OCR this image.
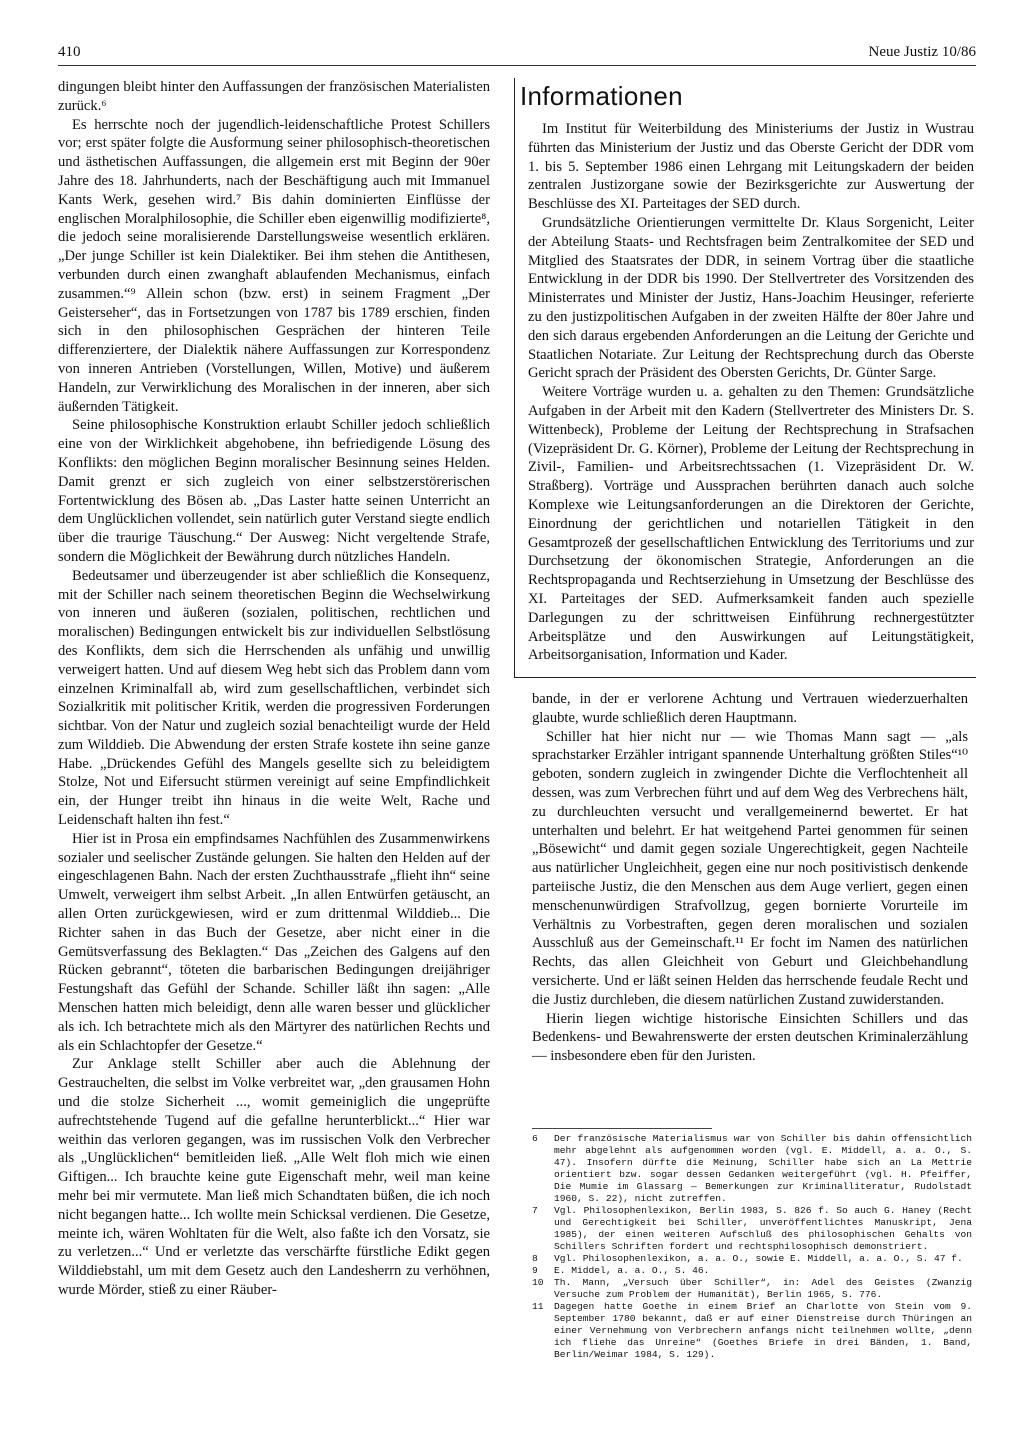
410	Neue Justiz 10/86

dingungen bleibt hinter den Auffassungen der französischen Materialisten zurück.⁶

Es herrschte noch der jugendlich-leidenschaftliche Protest Schillers vor; erst später folgte die Ausformung seiner philosophisch-theoretischen und ästhetischen Auffassungen, die allgemein erst mit Beginn der 90er Jahre des 18. Jahrhunderts, nach der Beschäftigung auch mit Immanuel Kants Werk, gesehen wird.⁷ Bis dahin dominierten Einflüsse der englischen Moralphilosophie, die Schiller eben eigenwillig modifizierte⁸, die jedoch seine moralisierende Darstellungsweise wesentlich erklären. „Der junge Schiller ist kein Dialektiker. Bei ihm stehen die Antithesen, verbunden durch einen zwanghaft ablaufenden Mechanismus, einfach zusammen.“⁹ Allein schon (bzw. erst) in seinem Fragment „Der Geisterseher“, das in Fortsetzungen von 1787 bis 1789 erschien, finden sich in den philosophischen Gesprächen der hinteren Teile differenziertere, der Dialektik nähere Auffassungen zur Korrespondenz von inneren Antrieben (Vorstellungen, Willen, Motive) und äußerem Handeln, zur Verwirklichung des Moralischen in der inneren, aber sich äußernden Tätigkeit.

Seine philosophische Konstruktion erlaubt Schiller jedoch schließlich eine von der Wirklichkeit abgehobene, ihn befriedigende Lösung des Konflikts: den möglichen Beginn moralischer Besinnung seines Helden. Damit grenzt er sich zugleich von einer selbstzerstörerischen Fortentwicklung des Bösen ab. „Das Laster hatte seinen Unterricht an dem Unglücklichen vollendet, sein natürlich guter Verstand siegte endlich über die traurige Täuschung.“ Der Ausweg: Nicht vergeltende Strafe, sondern die Möglichkeit der Bewährung durch nützliches Handeln.

Bedeutsamer und überzeugender ist aber schließlich die Konsequenz, mit der Schiller nach seinem theoretischen Beginn die Wechselwirkung von inneren und äußeren (sozialen, politischen, rechtlichen und moralischen) Bedingungen entwickelt bis zur individuellen Selbstlösung des Konflikts, dem sich die Herrschenden als unfähig und unwillig verweigert hatten. Und auf diesem Weg hebt sich das Problem dann vom einzelnen Kriminalfall ab, wird zum gesellschaftlichen, verbindet sich Sozialkritik mit politischer Kritik, werden die progressiven Forderungen sichtbar. Von der Natur und zugleich sozial benachteiligt wurde der Held zum Wilddieb. Die Abwendung der ersten Strafe kostete ihn seine ganze Habe. „Drückendes Gefühl des Mangels gesellte sich zu beleidigtem Stolze, Not und Eifersucht stürmen vereinigt auf seine Empfindlichkeit ein, der Hunger treibt ihn hinaus in die weite Welt, Rache und Leidenschaft halten ihn fest.“

Hier ist in Prosa ein empfindsames Nachfühlen des Zusammenwirkens sozialer und seelischer Zustände gelungen. Sie halten den Helden auf der eingeschlagenen Bahn. Nach der ersten Zuchthausstrafe „flieht ihn“ seine Umwelt, verweigert ihm selbst Arbeit. „In allen Entwürfen getäuscht, an allen Orten zurückgewiesen, wird er zum drittenmal Wilddieb... Die Richter sahen in das Buch der Gesetze, aber nicht einer in die Gemütsverfassung des Beklagten.“ Das „Zeichen des Galgens auf den Rücken gebrannt“, töteten die barbarischen Bedingungen dreijähriger Festungshaft das Gefühl der Schande. Schiller läßt ihn sagen: „Alle Menschen hatten mich beleidigt, denn alle waren besser und glücklicher als ich. Ich betrachtete mich als den Märtyrer des natürlichen Rechts und als ein Schlachtopfer der Gesetze.“

Zur Anklage stellt Schiller aber auch die Ablehnung der Gestrauchelten, die selbst im Volke verbreitet war, „den grausamen Hohn und die stolze Sicherheit ..., womit gemeiniglich die ungeprüfte aufrechtstehende Tugend auf die gefallne herunterblickt...“ Hier war weithin das verloren gegangen, was im russischen Volk den Verbrecher als „Unglücklichen“ bemitleiden ließ. „Alle Welt floh mich wie einen Giftigen... Ich brauchte keine gute Eigenschaft mehr, weil man keine mehr bei mir vermutete. Man ließ mich Schandtaten büßen, die ich noch nicht begangen hatte... Ich wollte mein Schicksal verdienen. Die Gesetze, meinte ich, wären Wohltaten für die Welt, also faßte ich den Vorsatz, sie zu verletzen...“ Und er verletzte das verschärfte fürstliche Edikt gegen Wilddiebstahl, um mit dem Gesetz auch den Landesherrn zu verhöhnen, wurde Mörder, stieß zu einer Räuber-

Informationen

Im Institut für Weiterbildung des Ministeriums der Justiz in Wustrau führten das Ministerium der Justiz und das Oberste Gericht der DDR vom 1. bis 5. September 1986 einen Lehrgang mit Leitungskadern der beiden zentralen Justizorgane sowie der Bezirksgerichte zur Auswertung der Beschlüsse des XI. Parteitages der SED durch.

Grundsätzliche Orientierungen vermittelte Dr. Klaus Sorgenicht, Leiter der Abteilung Staats- und Rechtsfragen beim Zentralkomitee der SED und Mitglied des Staatsrates der DDR, in seinem Vortrag über die staatliche Entwicklung in der DDR bis 1990. Der Stellvertreter des Vorsitzenden des Ministerrates und Minister der Justiz, Hans-Joachim Heusinger, referierte zu den justizpolitischen Aufgaben in der zweiten Hälfte der 80er Jahre und den sich daraus ergebenden Anforderungen an die Leitung der Gerichte und Staatlichen Notariate. Zur Leitung der Rechtsprechung durch das Oberste Gericht sprach der Präsident des Obersten Gerichts, Dr. Günter Sarge.

Weitere Vorträge wurden u. a. gehalten zu den Themen: Grundsätzliche Aufgaben in der Arbeit mit den Kadern (Stellvertreter des Ministers Dr. S. Wittenbeck), Probleme der Leitung der Rechtsprechung in Strafsachen (Vizepräsident Dr. G. Körner), Probleme der Leitung der Rechtsprechung in Zivil-, Familien- und Arbeitsrechtssachen (1. Vizepräsident Dr. W. Straßberg). Vorträge und Aussprachen berührten danach auch solche Komplexe wie Leitungsanforderungen an die Direktoren der Gerichte, Einordnung der gerichtlichen und notariellen Tätigkeit in den Gesamtprozeß der gesellschaftlichen Entwicklung des Territoriums und zur Durchsetzung der ökonomischen Strategie, Anforderungen an die Rechtspropaganda und Rechtserziehung in Umsetzung der Beschlüsse des XI. Parteitages der SED. Aufmerksamkeit fanden auch spezielle Darlegungen zu der schrittweisen Einführung rechnergestützter Arbeitsplätze und den Auswirkungen auf Leitungstätigkeit, Arbeitsorganisation, Information und Kader.

bande, in der er verlorene Achtung und Vertrauen wiederzuerhalten glaubte, wurde schließlich deren Hauptmann.

Schiller hat hier nicht nur — wie Thomas Mann sagt — „als sprachstarker Erzähler intrigant spannende Unterhaltung größten Stiles“¹⁰ geboten, sondern zugleich in zwingender Dichte die Verflochtenheit all dessen, was zum Verbrechen führt und auf dem Weg des Verbrechens hält, zu durchleuchten versucht und verallgemeinernd bewertet. Er hat unterhalten und belehrt. Er hat weitgehend Partei genommen für seinen „Bösewicht“ und damit gegen soziale Ungerechtigkeit, gegen Nachteile aus natürlicher Ungleichheit, gegen eine nur noch positivistisch denkende parteiische Justiz, die den Menschen aus dem Auge verliert, gegen einen menschenunwürdigen Strafvollzug, gegen bornierte Vorurteile im Verhältnis zu Vorbestraften, gegen deren moralischen und sozialen Ausschluß aus der Gemeinschaft.¹¹ Er focht im Namen des natürlichen Rechts, das allen Gleichheit von Geburt und Gleichbehandlung versicherte. Und er läßt seinen Helden das herrschende feudale Recht und die Justiz durchleben, die diesem natürlichen Zustand zuwiderstanden.

Hierin liegen wichtige historische Einsichten Schillers und das Bedenkens- und Bewahrenswerte der ersten deutschen Kriminalerzählung — insbesondere eben für den Juristen.

6	Der französische Materialismus war von Schiller bis dahin offensichtlich mehr abgelehnt als aufgenommen worden (vgl. E. Middell, a. a. O., S. 47). Insofern dürfte die Meinung, Schiller habe sich an La Mettrie orientiert bzw. sogar dessen Gedanken weitergeführt (vgl. H. Pfeiffer, Die Mumie im Glassarg — Bemerkungen zur Kriminalliteratur, Rudolstadt 1960, S. 22), nicht zutreffen.
7	Vgl. Philosophenlexikon, Berlin 1983, S. 826 f. So auch G. Haney (Recht und Gerechtigkeit bei Schiller, unveröffentlichtes Manuskript, Jena 1985), der einen weiteren Aufschluß des philosophischen Gehalts von Schillers Schriften fordert und rechtsphilosophisch demonstriert.
8	Vgl. Philosophenlexikon, a. a. O., sowie E. Middell, a. a. O., S. 47 f.
9	E. Middel, a. a. O., S. 46.
10	Th. Mann, „Versuch über Schiller“, in: Adel des Geistes (Zwanzig Versuche zum Problem der Humanität), Berlin 1965, S. 776.
11	Dagegen hatte Goethe in einem Brief an Charlotte von Stein vom 9. September 1780 bekannt, daß er auf einer Dienstreise durch Thüringen an einer Vernehmung von Verbrechern anfangs nicht teilnehmen wollte, „denn ich fliehe das Unreine“ (Goethes Briefe in drei Bänden, 1. Band, Berlin/Weimar 1984, S. 129).
